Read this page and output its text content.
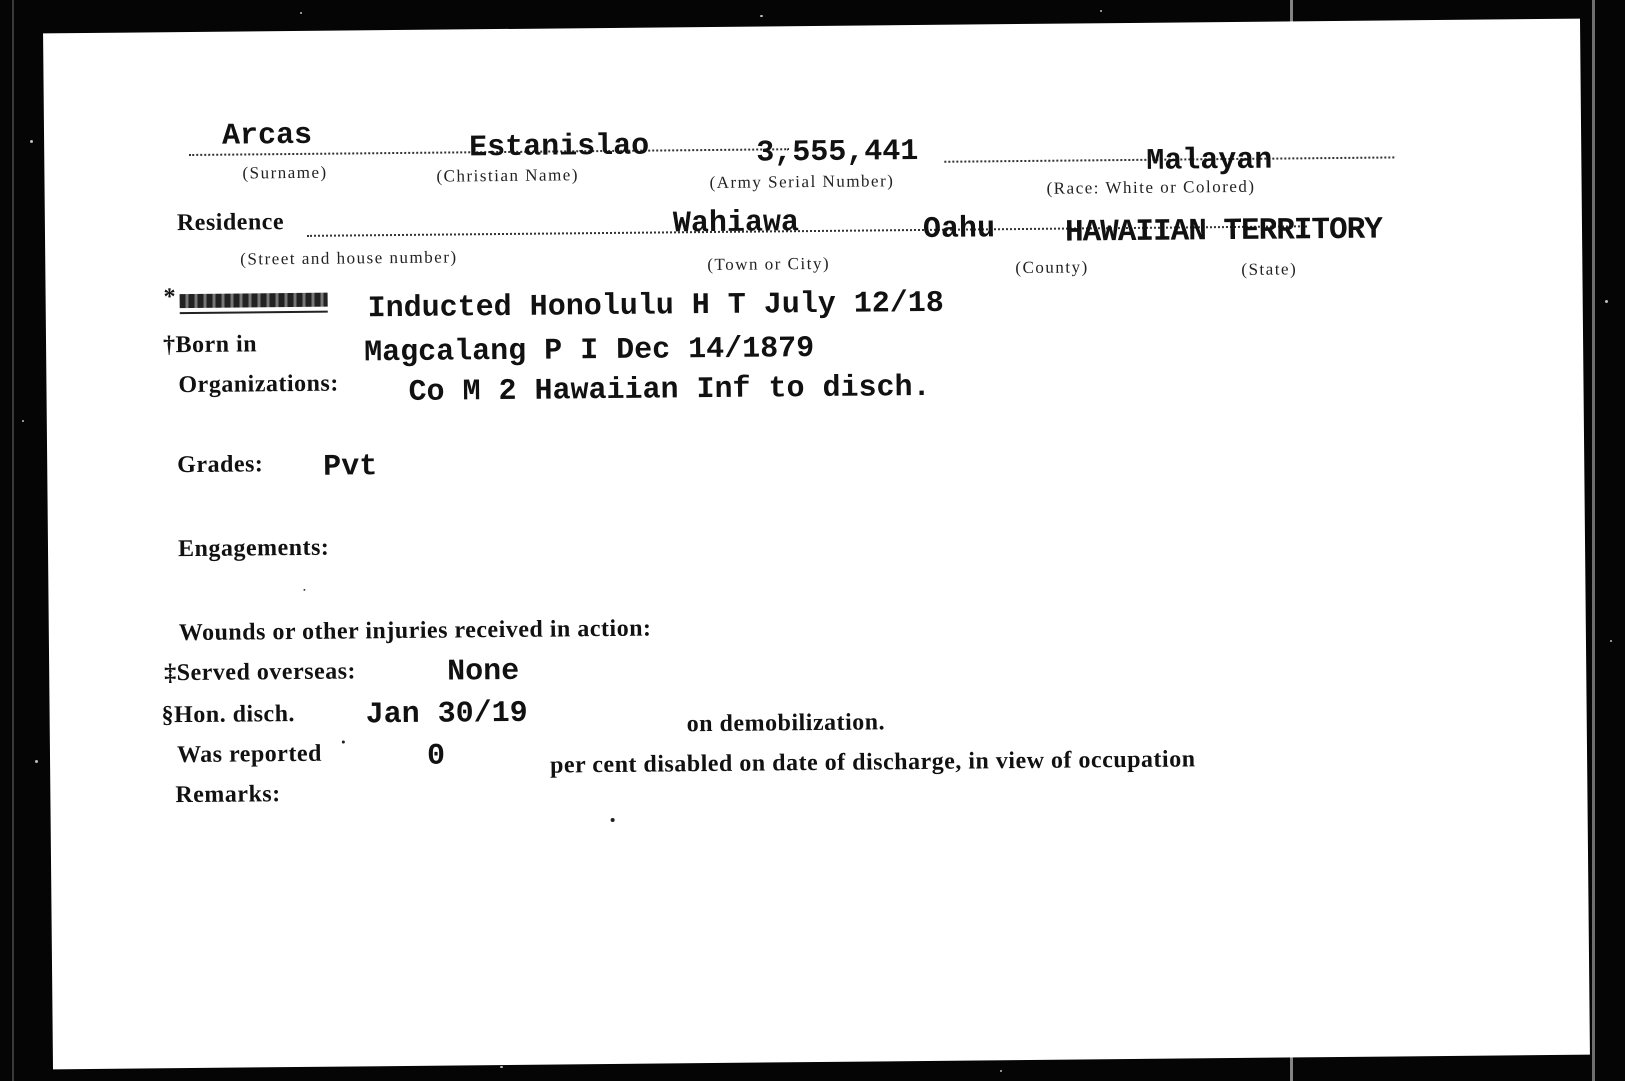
Arcas
(Surname)
Estanislao
(Christian Name)
3,555,441
(Army Serial Number)
Malayan
(Race: White or Colored)
Residence
(Street and house number)
Wahiawa
(Town or City)
Oahu
(County)
HAWAIIAN TERRITORY
(State)
*	Inducted Honolulu H T July 12/18
†Born in	Magcalang P I Dec 14/1879
Organizations: Co M 2 Hawaiian Inf to disch.
Grades: Pvt
Engagements:
Wounds or other injuries received in action:
‡Served overseas:	None
§Hon. disch. Jan 30/19	on demobilization.
Was reported	0	per cent disabled on date of discharge, in view of occupation
Remarks:
